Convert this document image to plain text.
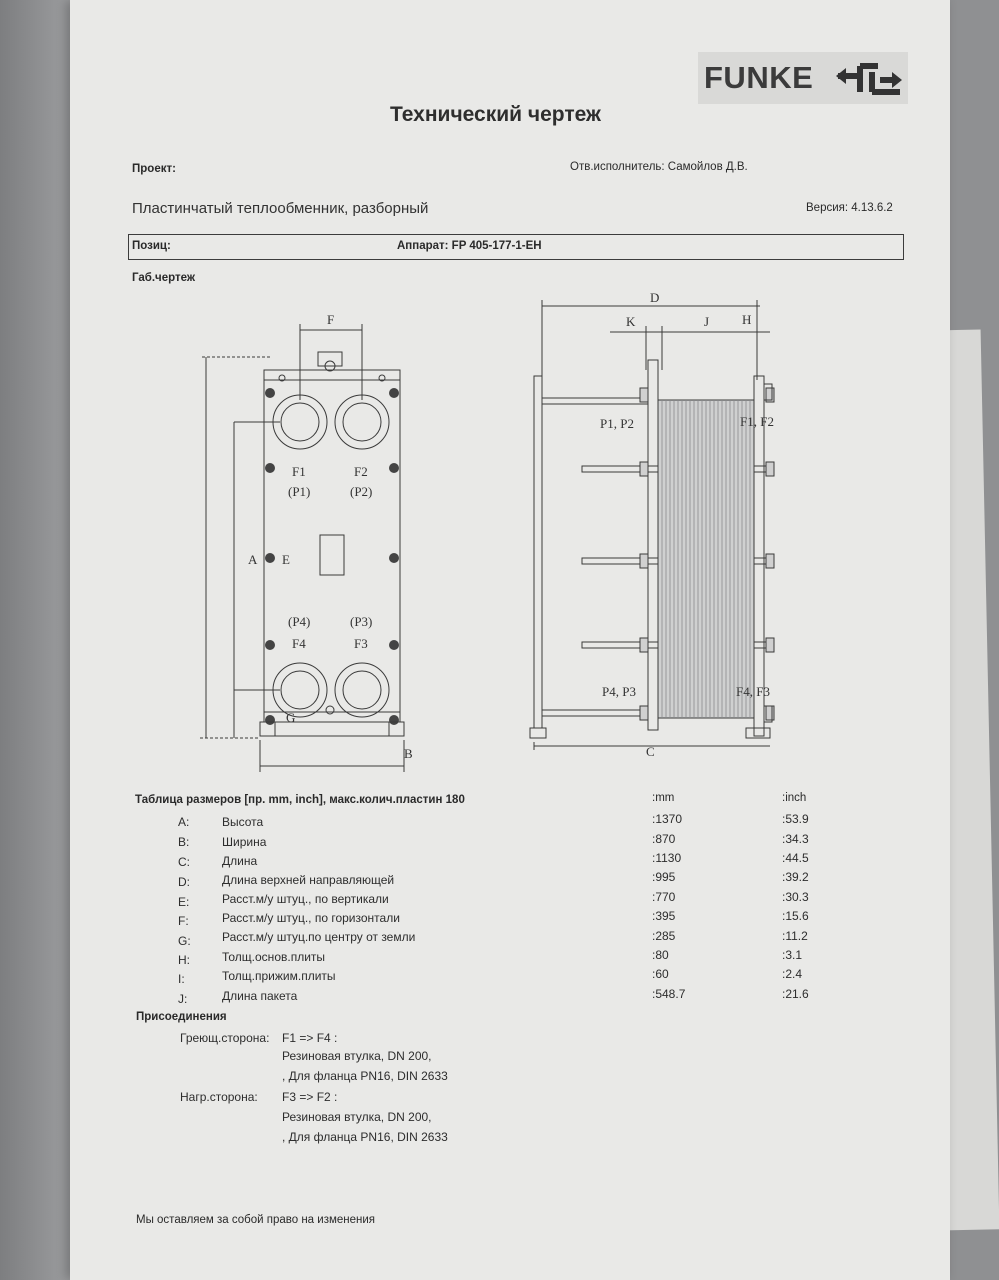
FUNKE
Технический чертеж
Проект:	Отв.исполнитель: Самойлов Д.В.
Пластинчатый теплообменник, разборный	Версия: 4.13.6.2
Позиц:	Аппарат: FP 405-177-1-EH
Габ.чертеж
F
F1	F2
(P1)	(P2)
(P4)	(P3)
F4	F3
A E
G
B
D
K	J	H
P1, P2	F1, F2
P4, P3	F4, F3
C
Таблица размеров [пр. mm, inch], макс.колич.пластин 180	:mm	:inch
A:	Высота	:1370	:53.9
B:	Ширина	:870	:34.3
C:	Длина	:1130	:44.5
D:	Длина верхней направляющей	:995	:39.2
E:	Расст.м/у штуц., по вертикали	:770	:30.3
F:	Расст.м/у штуц., по горизонтали	:395	:15.6
G:	Расст.м/у штуц.по центру от земли	:285	:11.2
H:	Толщ.основ.плиты	:80	:3.1
I:	Толщ.прижим.плиты	:60	:2.4
J:	Длина пакета	:548.7	:21.6
Присоединения
Греющ.сторона: F1 => F4 :
Резиновая втулка, DN 200,
, Для фланца PN16, DIN 2633
Нагр.сторона: F3 => F2 :
Резиновая втулка, DN 200,
, Для фланца PN16, DIN 2633
Мы оставляем за собой право на изменения
